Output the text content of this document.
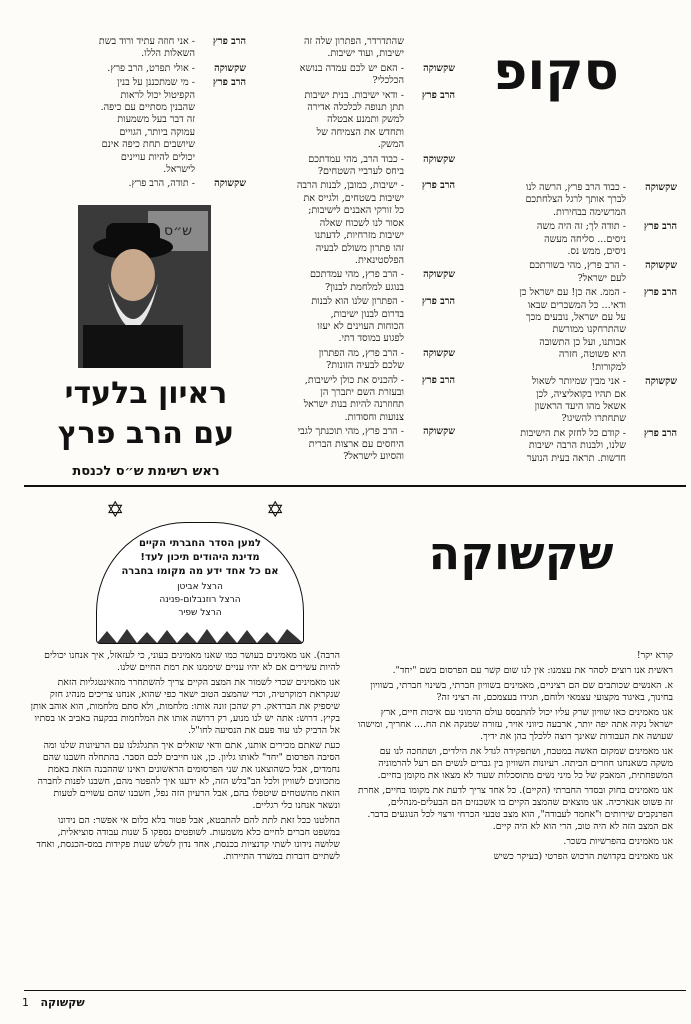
סקופ
שקשוקה
- כבוד הרב פרץ, הרשה לנו
לברך אותך לרגל הצלחתכם
המרשימה בבחירות.
הרב פרץ
- תודה לך; זה היה משה
ניסים... סליחה מעשה
ניסים, ממש נס.
שקשוקה
- הרב פרץ, מהי בשורתכם
לעם ישראל?
הרב פרץ
- הממ. אה כן! עם ישראל כן
ודאי... כל המשברים שבאו
על עם ישראל, נובעים מכך
שהתרחקנו ממורשת
אבותנו, ועל כן התשובה
היא פשוטה, חזרה
למקורות!
שקשוקה
- אני מבין שמיותר לשאול
אם תהיו בקואליציה, לכן
אשאל מהו היעד הראשון
שתחתרו להשיגו?
הרב פרץ
- קודם כל לחזק את הישיבות
שלנו, ולבנות הרבה ישיבות
חדשות. תראה בעית הנוער
שהתדרדר, הפתרון שלה זה
ישיבות, ועוד ישיבות.
שקשוקה
- האם יש לכם עמדה בנושא
הכלכלי?
הרב פרץ
- ודאי ישיבות. בנית ישיבות
תתן תנופה לכלכלה אדירה
למשק ותמנע אבטלה
ותחדש את הצמיחה של
המשק.
שקשוקה
- כבוד הרב, מהי עמדתכם
ביחס לערביי השטחים?
הרב פרץ
- ישיבות, כמובן, לבנות הרבה
ישיבות בשטחים, ולגייס את
כל זורקי האבנים לישיבות;
אסור לנו לשכוח שאלה
ישיבות מזרחיות, לדעתנו
זהו פתרון משולם לבעיה
הפלסטינאית.
שקשוקה
- הרב פרץ, מהי עמדתכם
בנוגע למלחמת לבנון?
הרב פרץ
- הפתרון שלנו הוא לבנות
בדרום לבנון ישיבות,
הכוחות העוינים לא יעזו
לפגוע במוסד דתי.
שקשוקה
- הרב פרץ, מה הפתרון
שלכם לבעיה הזונות?
הרב פרץ
- להכניס את כולן לישיבות,
ובעזרת השם יתברך הן
תחוזרנה להיות בנות ישראל
צנועות וחסודות.
שקשוקה
- הרב פרץ, מהי תוכנתך לגבי
היחסים עם ארצות הברית
והסיוע לישראל?
הרב פרץ
- אני חוזה עתיד ורוד בשת
השאלות הללו.
שקשוקה
- אולי תפרט, הרב פרץ.
הרב פרץ
- מי שמתכננן על בנין
הקפיטול יכול לראות
שהבנין מסתיים עם כיפה.
זה דבר בעל משמעות
עמוקה ביותר, הגויים
שיושבים תחת כיפה אינם
יכולים להיות עויינים
לישראל.
שקשוקה
- תודה, הרב פרץ.
ש״ס
ראיון בלעדי
עם הרב פרץ
ראש רשימת ש״ס לכנסת
שקשוקה
✡	✡
למען הסדר החברתי הקיים
מדינת היהודים תיכון לעד!
אם כל אחד ידע מה מקומו בחברה
הרצל אביטן
הרצל רוזנבלום-פנינה
הרצל שפיר
קורא יקר!
ראשית אנו רוצים לסהר את עצמנו: אין לנו שום קשר עם הפרסום בשם "יחד".
א. האנשים שכותבים שם הם רציניים, מאמינים בשוויון חברתי, בשינוי חברתי, בשוויון בחינוך, באיגוד מקצועי עצמאי ולוחם, תגידו בעצמכם, זה רציני זה?
אנו מאמינים כאו שוויון שרק עליו יכול להתבסס עולם הרמוני עם איכות חיים, ארץ ישראל נקיה אתה יפה יותר, ארבעה כיווני אויר, עזורה שמנקה את הח.... אחריך, ומישהו שעושה את העבודות שאינך רוצה ללכלך בהן את ידיך.
אנו מאמינים שמקום האשה במטבח, ושתפקידה לגדל את הילדים, ושתחכה לנו עם משקה כשאנחנו חוזרים הביתה. רעיונות השוויון בין גברים לנשים הם רעל להרמוניה המשפחתית, המאבק של כל מיני נשים מתוסכלות שעוד לא מצאו את מקומן בחיים.
אנו מאמינים בחוק ובסדר החברתי (הקיים). כל אחד צריך לדעת את מקומו בחיים, אחרת זה פשוט אנארכיה. אנו מוצאים שהמצב הקיים בו אשכנזים הם הבעלים-מנהלים, הפרנקבים שירותים ו"אחמד לעבודה", הוא מצב טבעי הכרחי ורצוי לכל הנוגעים בדבר. אם המצב הזה לא היה טוב, הרי הוא לא היה קיים.
אנו מאמינים בהפרשיות בשכר.
אנו מאמינים בקדושת הרכוש הפרטי (בעיקר כשיש
הרבה). אנו מאמינים בעושר כמו שאנו מאמינים בעוני, כי לעזאזל, איך אנחנו יכולים להיות עשירים אם לא יהיו עניים שיממנו את רמת החיים שלנו.
אנו מאמינים שכדי לשמור את המצב הקיים צריך להשתחרר מהאינטגליות הזאת שנקראת דמוקרטיה, וכדי שהמצב הטוב ישאר כפי שהוא, אנחנו צריכים מנהיג חזק שיספיק את הברדאק. רק שהכן זונה אותו: מלחמות, ולא סתם מלחמות, הוא אוהב אותן בקיץ. דרוש: אתה יש לנו מנוע, רק דרושה אותו את המלחמות בבקעה באביב או בסתיו אל הדביק לנו עוד פעם את הנסיעה לחו"ל.
כעת שאתם מכירים אותנו, אתם ודאי שואלים איך התגלגלנו עם הרעיונות שלנו ומה הסיבה הפרסום "יחד" לאותו גליון. כן, אנו חייבים לכם הסבר. בהתחלה חשבנו שהם נחמדים, אבל כשהוצאנו את שני הפרסומים הראשונים ראינו שההבנה הזאת באמת מתכוונים לשוויון ולכל הב"בלש הזה, לא ידענו איך להפטר מהם, חשבנו לפנות לחברה הזאת מהשטחים שיטפלו בהם, אבל הרעיון הזה נפל, חשבנו שהם עשויים לטעות ונשאר אנחנו כלי רגליים.
החלטנו ככל זאת לתת להם להתבטא, אבל פטור בלא כלום אי אפשר: הם נידונו במשפט חברים לחיים כלא משמעות. לשופטים נספקו 5 שנות עבודה סוציאלית, שלושה נידונו לשתי קדנציות בכנסת, אחד נדון לשלש שנות פקידות במס-הכנסת, ואחד לשתיים דוברות במשרד התיירות.
שקשוקה 1
